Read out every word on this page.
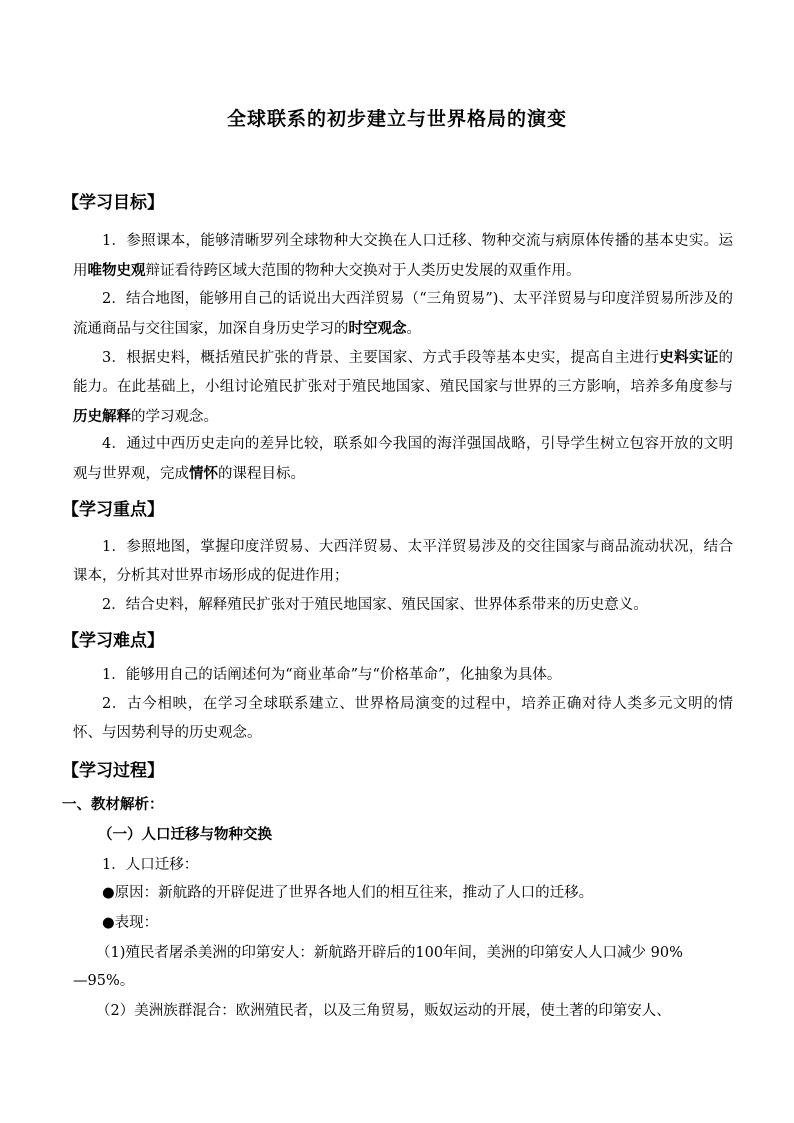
全球联系的初步建立与世界格局的演变
【学习目标】
1．参照课本，能够清晰罗列全球物种大交换在人口迁移、物种交流与病原体传播的基本史实。运用唯物史观辩证看待跨区域大范围的物种大交换对于人类历史发展的双重作用。
2．结合地图，能够用自己的话说出大西洋贸易（“三角贸易”)、太平洋贸易与印度洋贸易所涉及的流通商品与交往国家，加深自身历史学习的时空观念。
3．根据史料，概括殖民扩张的背景、主要国家、方式手段等基本史实，提高自主进行史料实证的能力。在此基础上，小组讨论殖民扩张对于殖民地国家、殖民国家与世界的三方影响，培养多角度参与历史解释的学习观念。
4．通过中西历史走向的差异比较，联系如今我国的海洋强国战略，引导学生树立包容开放的文明观与世界观，完成情怀的课程目标。
【学习重点】
1．参照地图，掌握印度洋贸易、大西洋贸易、太平洋贸易涉及的交往国家与商品流动状况，结合课本，分析其对世界市场形成的促进作用；
2．结合史料，解释殖民扩张对于殖民地国家、殖民国家、世界体系带来的历史意义。
【学习难点】
1．能够用自己的话阐述何为“商业革命”与“价格革命”，化抽象为具体。
2．古今相映，在学习全球联系建立、世界格局演变的过程中，培养正确对待人类多元文明的情怀、与因势利导的历史观念。
【学习过程】
一、教材解析：
（一）人口迁移与物种交换
1．人口迁移：
●原因：新航路的开辟促进了世界各地人们的相互往来，推动了人口的迁移。
●表现：
（1)殖民者屠杀美洲的印第安人：新航路开辟后的100年间，美洲的印第安人人口减少 90%
—95%。
（2）美洲族群混合：欧洲殖民者，以及三角贸易，贩奴运动的开展，使土著的印第安人、
